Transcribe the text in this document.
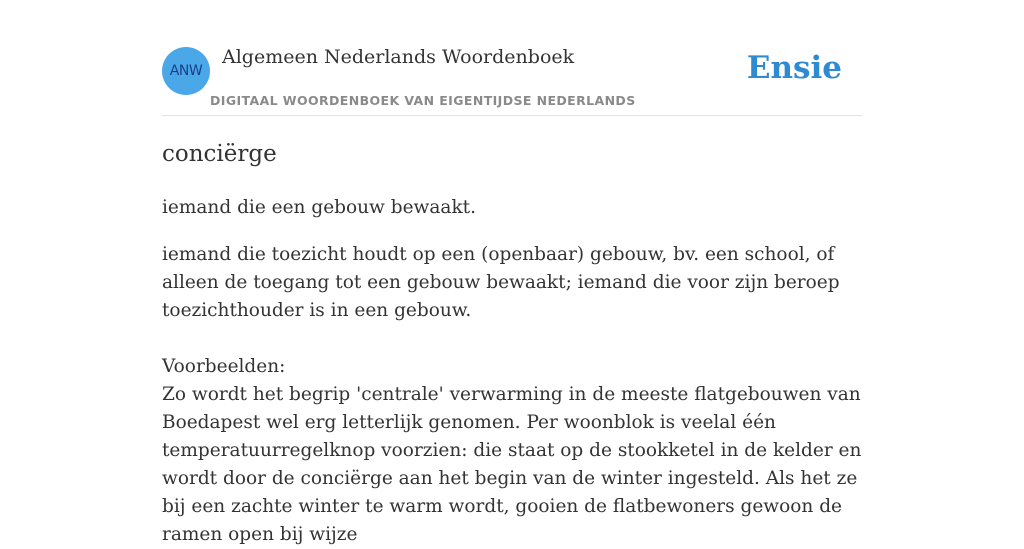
ANW
Algemeen Nederlands Woordenboek
DIGITAAL WOORDENBOEK VAN EIGENTIJDSE NEDERLANDS
Ensie
conciërge

iemand die een gebouw bewaakt.

iemand die toezicht houdt op een (openbaar) gebouw, bv. een school, of alleen de toegang tot een gebouw bewaakt; iemand die voor zijn beroep toezichthouder is in een gebouw.

Voorbeelden:

Zo wordt het begrip 'centrale' verwarming in de meeste flatgebouwen van Boedapest wel erg letterlijk genomen. Per woonblok is veelal één temperatuurregelknop voorzien: die staat op de stookketel in de kelder en wordt door de conciërge aan het begin van de winter ingesteld. Als het ze bij een zachte winter te warm wordt, gooien de flatbewoners gewoon de ramen open bij wijze
